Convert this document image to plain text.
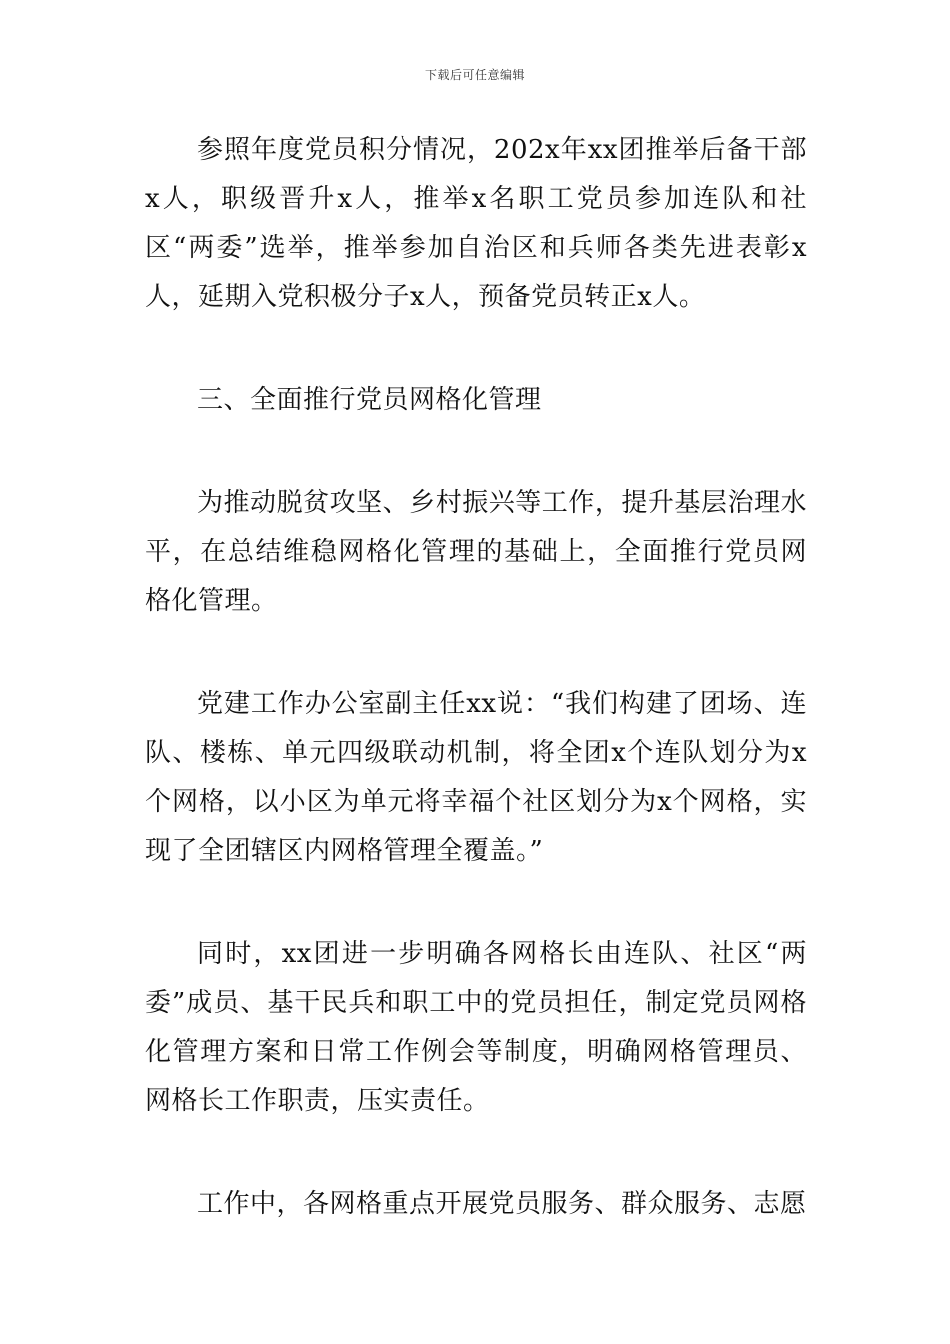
下载后可任意编辑

参照年度党员积分情况，202x年xx团推举后备干部x人，职级晋升x人，推举x名职工党员参加连队和社区“两委”选举，推举参加自治区和兵师各类先进表彰x人，延期入党积极分子x人，预备党员转正x人。

三、全面推行党员网格化管理

为推动脱贫攻坚、乡村振兴等工作，提升基层治理水平，在总结维稳网格化管理的基础上，全面推行党员网格化管理。

党建工作办公室副主任xx说：“我们构建了团场、连队、楼栋、单元四级联动机制，将全团x个连队划分为x个网格，以小区为单元将幸福个社区划分为x个网格，实现了全团辖区内网格管理全覆盖。”

同时，xx团进一步明确各网格长由连队、社区“两委”成员、基干民兵和职工中的党员担任，制定党员网格化管理方案和日常工作例会等制度，明确网格管理员、网格长工作职责，压实责任。

工作中，各网格重点开展党员服务、群众服务、志愿
